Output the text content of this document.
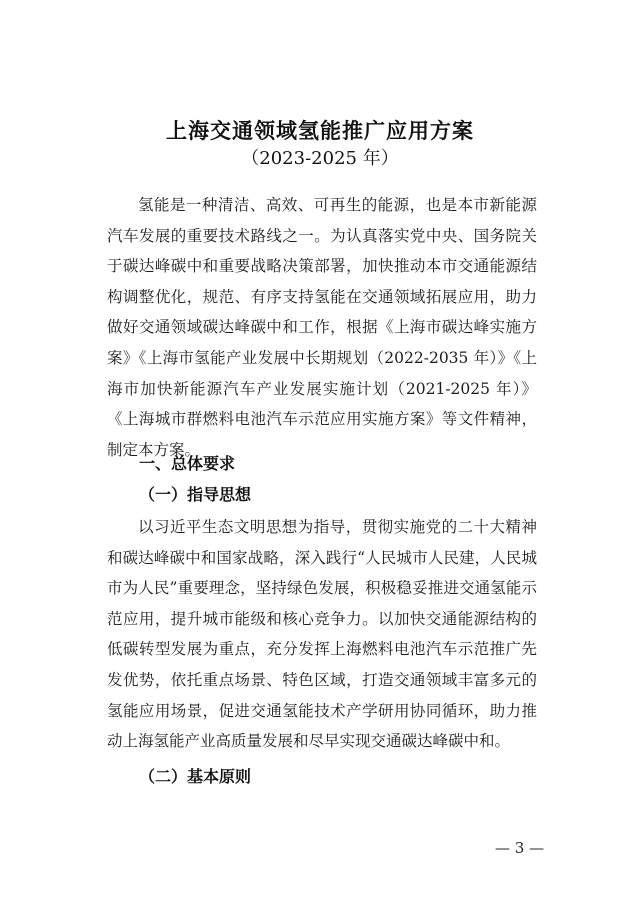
上海交通领域氢能推广应用方案
（2023-2025 年）

氢能是一种清洁、高效、可再生的能源，也是本市新能源汽车发展的重要技术路线之一。为认真落实党中央、国务院关于碳达峰碳中和重要战略决策部署，加快推动本市交通能源结构调整优化，规范、有序支持氢能在交通领域拓展应用，助力做好交通领域碳达峰碳中和工作，根据《上海市碳达峰实施方案》《上海市氢能产业发展中长期规划（2022-2035 年）》《上海市加快新能源汽车产业发展实施计划（2021-2025 年）》《上海城市群燃料电池汽车示范应用实施方案》等文件精神，制定本方案。

一、总体要求
（一）指导思想

以习近平生态文明思想为指导，贯彻实施党的二十大精神和碳达峰碳中和国家战略，深入践行“人民城市人民建，人民城市为人民”重要理念，坚持绿色发展，积极稳妥推进交通氢能示范应用，提升城市能级和核心竞争力。以加快交通能源结构的低碳转型发展为重点，充分发挥上海燃料电池汽车示范推广先发优势，依托重点场景、特色区域，打造交通领域丰富多元的氢能应用场景，促进交通氢能技术产学研用协同循环，助力推动上海氢能产业高质量发展和尽早实现交通碳达峰碳中和。

（二）基本原则
— 3 —
